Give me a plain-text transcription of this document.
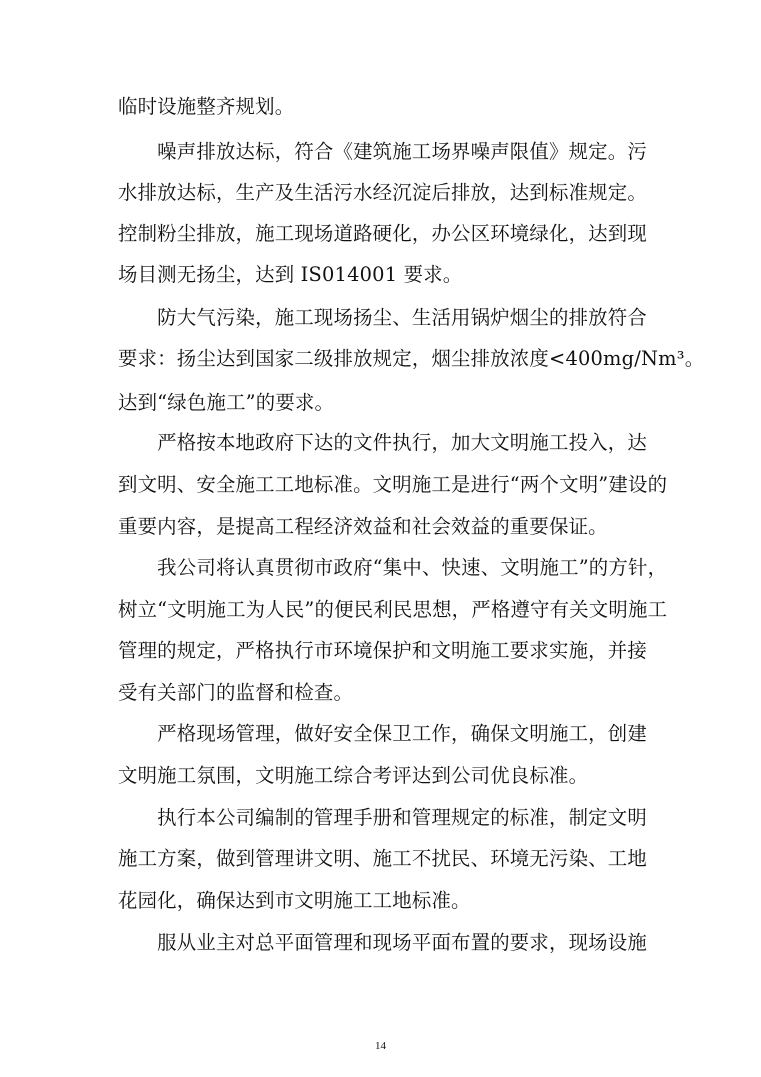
临时设施整齐规划。
　　噪声排放达标，符合《建筑施工场界噪声限值》规定。污
水排放达标，生产及生活污水经沉淀后排放，达到标准规定。
控制粉尘排放，施工现场道路硬化，办公区环境绿化，达到现
场目测无扬尘，达到 IS014001 要求。
　　防大气污染，施工现场扬尘、生活用锅炉烟尘的排放符合
要求：扬尘达到国家二级排放规定，烟尘排放浓度<400mg/Nm³。
达到“绿色施工”的要求。
　　严格按本地政府下达的文件执行，加大文明施工投入，达
到文明、安全施工工地标准。文明施工是进行“两个文明”建设的
重要内容，是提高工程经济效益和社会效益的重要保证。
　　我公司将认真贯彻市政府“集中、快速、文明施工”的方针，
树立“文明施工为人民”的便民利民思想，严格遵守有关文明施工
管理的规定，严格执行市环境保护和文明施工要求实施，并接
受有关部门的监督和检查。
　　严格现场管理，做好安全保卫工作，确保文明施工，创建
文明施工氛围，文明施工综合考评达到公司优良标准。
　　执行本公司编制的管理手册和管理规定的标准，制定文明
施工方案，做到管理讲文明、施工不扰民、环境无污染、工地
花园化，确保达到市文明施工工地标准。
　　服从业主对总平面管理和现场平面布置的要求，现场设施
14
